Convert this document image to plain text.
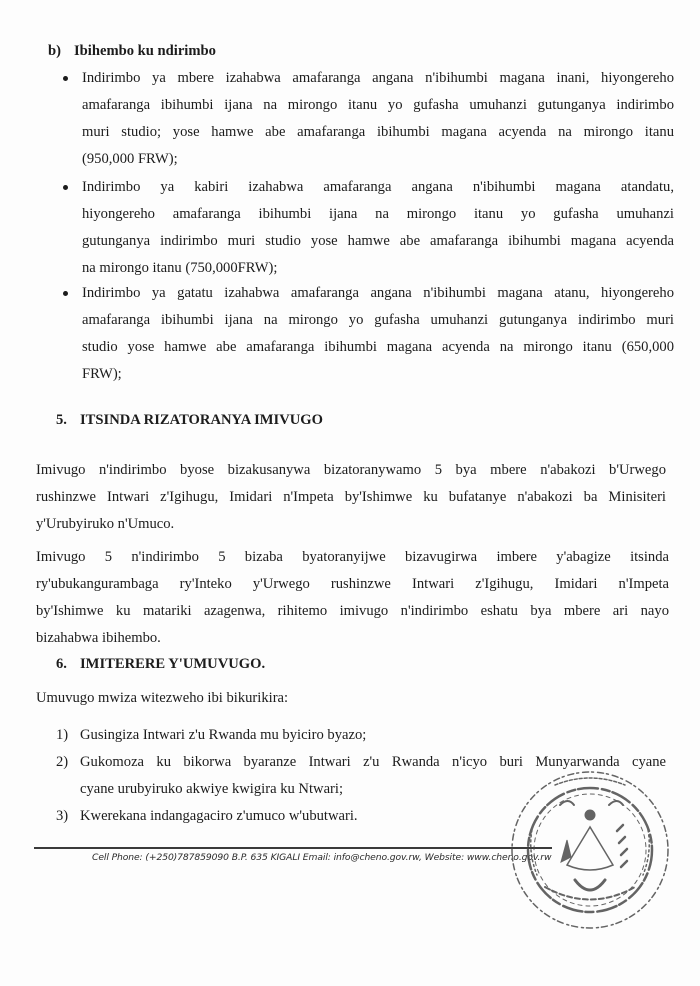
b) Ibihembo ku ndirimbo
Indirimbo ya mbere izahabwa amafaranga angana n'ibihumbi magana inani, hiyongereho
amafaranga ibihumbi ijana na mirongo itanu yo gufasha umuhanzi gutunganya indirimbo
muri studio; yose hamwe abe amafaranga ibihumbi magana acyenda na mirongo itanu
(950,000 FRW);
Indirimbo ya kabiri izahabwa amafaranga angana n'ibihumbi magana atandatu,
hiyongereho amafaranga ibihumbi ijana na mirongo itanu yo gufasha umuhanzi
gutunganya indirimbo muri studio yose hamwe abe amafaranga ibihumbi magana acyenda
na mirongo itanu (750,000FRW);
Indirimbo ya gatatu izahabwa amafaranga angana n'ibihumbi magana atanu, hiyongereho
amafaranga ibihumbi ijana na mirongo yo gufasha umuhanzi gutunganya indirimbo muri
studio yose hamwe abe amafaranga ibihumbi magana acyenda na mirongo itanu (650,000
FRW);
5. ITSINDA RIZATORANYA IMIVUGO
Imivugo n'indirimbo byose bizakusanywa bizatoranywamo 5 bya mbere n'abakozi b'Urwego
rushinzwe Intwari z'Igihugu, Imidari n'Impeta by'Ishimwe ku bufatanye n'abakozi ba Minisiteri
y'Urubyiruko n'Umuco.
Imivugo 5 n'indirimbo 5 bizaba byatoranyijwe bizavugirwa imbere y'abagize itsinda
ry'ubukangurambaga ry'Inteko y'Urwego rushinzwe Intwari z'Igihugu, Imidari n'Impeta
by'Ishimwe ku matariki azagenwa, rihitemo imivugo n'indirimbo eshatu bya mbere ari nayo
bizahabwa ibihembo.
6. IMITERERE Y'UMUVUGO.
Umuvugo mwiza witezweho ibi bikurikira:
1) Gusingiza Intwari z'u Rwanda mu byiciro byazo;
2) Gukomoza ku bikorwa byaranze Intwari z'u Rwanda n'icyo buri Munyarwanda cyane
cyane urubyiruko akwiye kwigira ku Ntwari;
3) Kwerekana indangagaciro z'umuco w'ubutwari.
Cell Phone: (+250)787859090 B.P. 635 KIGALI Email: info@cheno.gov.rw, Website: www.cheno.gov.rw
